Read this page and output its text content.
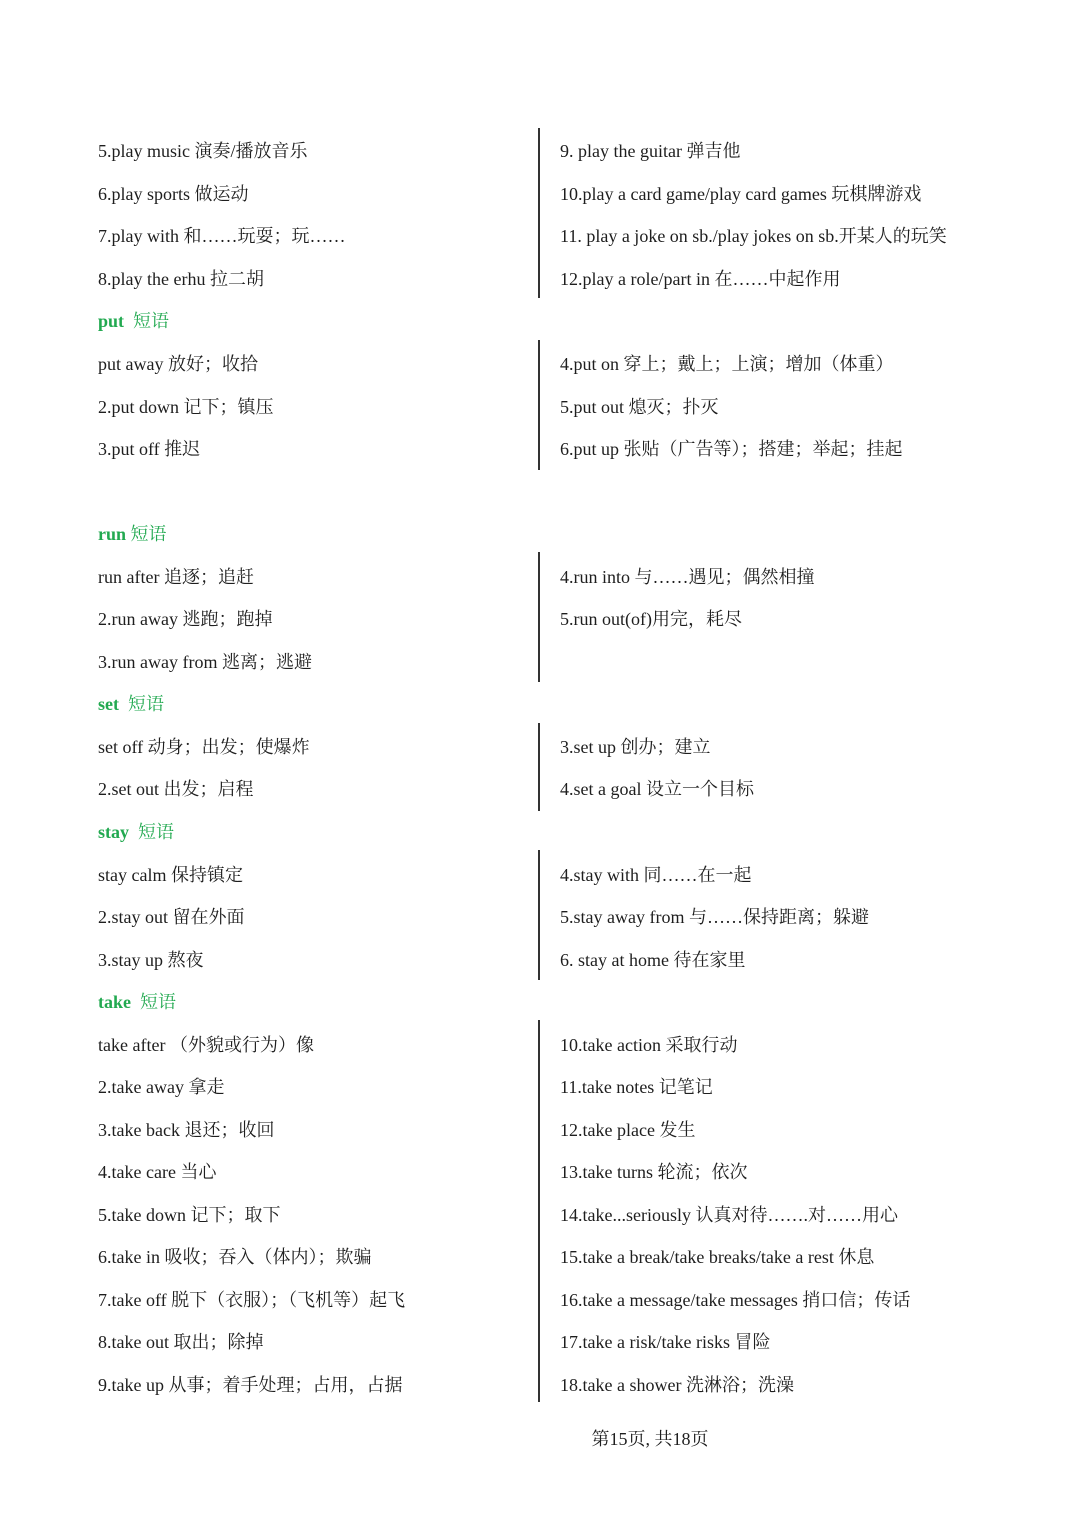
5.play music 演奏/播放音乐
6.play sports 做运动
7.play with 和……玩耍；玩……
8.play the erhu 拉二胡
9. play the guitar 弹吉他
10.play a card game/play card games 玩棋牌游戏
11. play a joke on sb./play jokes on sb.开某人的玩笑
12.play a role/part in 在……中起作用
put 短语
put away 放好；收拾
2.put down 记下；镇压
3.put off 推迟
4.put on 穿上；戴上；上演；增加（体重）
5.put out 熄灭；扑灭
6.put up 张贴（广告等）；搭建；举起；挂起
run 短语
run after 追逐；追赶
2.run away 逃跑；跑掉
3.run away from 逃离；逃避
4.run into 与……遇见；偶然相撞
5.run out(of)用完，耗尽
set 短语
set off 动身；出发；使爆炸
2.set out 出发；启程
3.set up 创办；建立
4.set a goal 设立一个目标
stay 短语
stay calm 保持镇定
2.stay out 留在外面
3.stay up 熬夜
4.stay with 同……在一起
5.stay away from 与……保持距离；躲避
6. stay at home 待在家里
take 短语
take after （外貌或行为）像
2.take away 拿走
3.take back 退还；收回
4.take care 当心
5.take down 记下；取下
6.take in 吸收；吞入（体内）；欺骗
7.take off 脱下（衣服）；（飞机等）起飞
8.take out 取出；除掉
9.take up 从事；着手处理；占用，占据
10.take action 采取行动
11.take notes 记笔记
12.take place 发生
13.take turns 轮流；依次
14.take...seriously 认真对待…….对……用心
15.take a break/take breaks/take a rest 休息
16.take a message/take messages 捎口信；传话
17.take a risk/take risks 冒险
18.take a shower 洗淋浴；洗澡
第15页, 共18页
